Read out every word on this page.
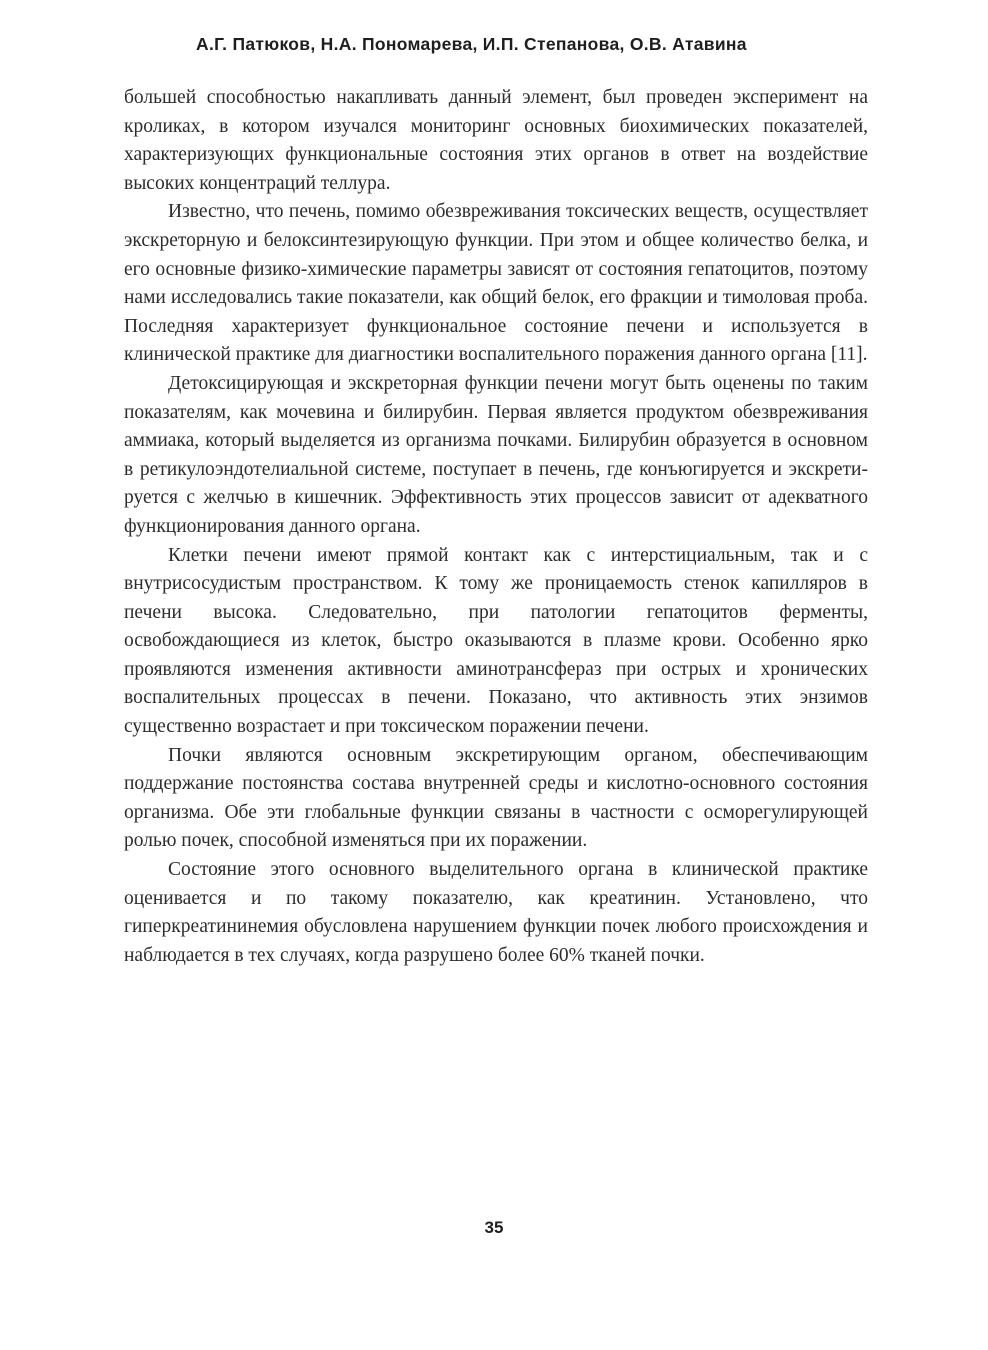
А.Г. Патюков, Н.А. Пономарева, И.П. Степанова, О.В. Атавина

большей способностью накапливать данный элемент, был проведен эксперимент на кроликах, в котором изучался мониторинг основных биохимических показателей, характеризующих функциональные состояния этих органов в ответ на воздействие высоких концентраций теллура.

Известно, что печень, помимо обезвреживания токсических веществ, осуществляет экскреторную и белоксинтезирующую функции. При этом и общее количество белка, и его основные физико-химические параметры зависят от состояния гепатоцитов, поэтому нами исследовались такие показатели, как общий белок, его фракции и тимоловая проба. Последняя характеризует функциональное состояние печени и используется в клинической практике для диагностики воспалительного поражения данного органа [11].

Детоксицирующая и экскреторная функции печени могут быть оценены по таким показателям, как мочевина и билирубин. Первая является продуктом обезвреживания аммиака, который выделяется из организма почками. Билирубин образуется в основном в ретикулоэндотелиальной системе, поступает в печень, где конъюгируется и экскретируется с желчью в кишечник. Эффективность этих процессов зависит от адекватного функционирования данного органа.

Клетки печени имеют прямой контакт как с интерстициальным, так и с внутрисосудистым пространством. К тому же проницаемость стенок капилляров в печени высока. Следовательно, при патологии гепатоцитов ферменты, освобождающиеся из клеток, быстро оказываются в плазме крови. Особенно ярко проявляются изменения активности аминотрансфераз при острых и хронических воспалительных процессах в печени. Показано, что активность этих энзимов существенно возрастает и при токсическом поражении печени.

Почки являются основным экскретирующим органом, обеспечивающим поддержание постоянства состава внутренней среды и кислотно-основного состояния организма. Обе эти глобальные функции связаны в частности с осморегулирующей ролью почек, способной изменяться при их поражении.

Состояние этого основного выделительного органа в клинической практике оценивается и по такому показателю, как креатинин. Установлено, что гиперкреатининемия обусловлена нарушением функции почек любого происхождения и наблюдается в тех случаях, когда разрушено более 60% тканей почки.

35
